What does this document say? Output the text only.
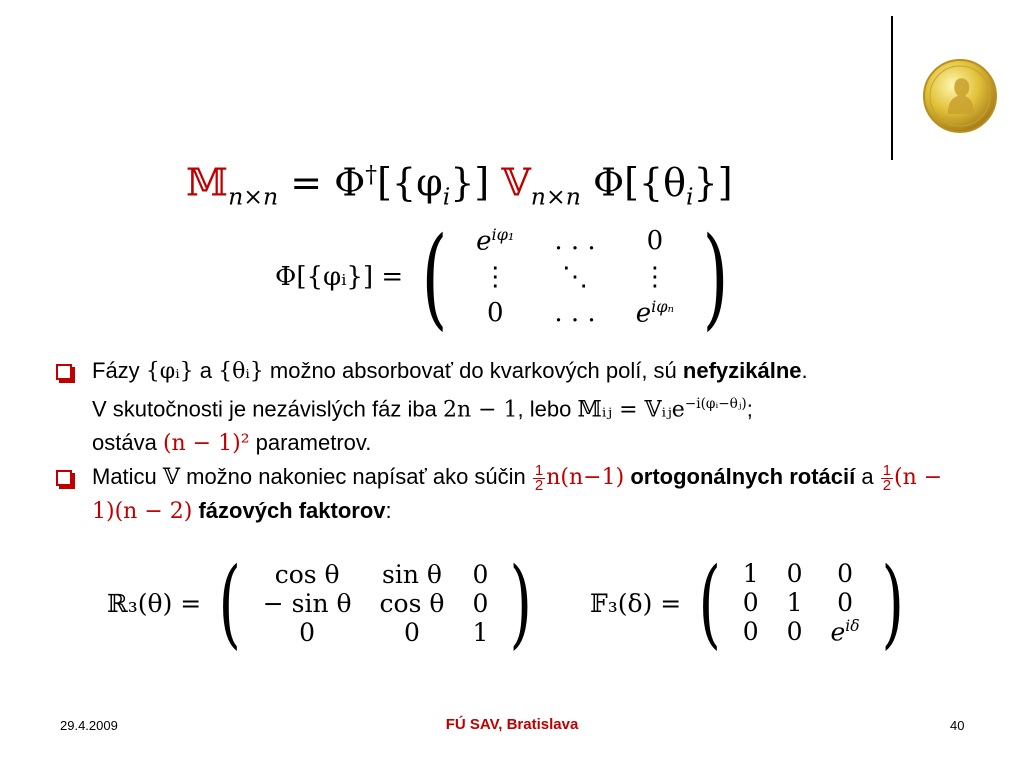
𝕄$_{n\times n}$ = $\Phi^\dagger[\{\varphi_i\}]$ 𝕍$_{n\times n}$ $\Phi[\{\theta_i\}]$
Φ[{φᵢ}] = ( $e^{i\varphi_1}$	. . .	0
⋮	⋱	⋮
0	. . .	$e^{i\varphi_n}$ )

Fázy {φᵢ} a {θᵢ} možno absorbovať do kvarkových polí, sú nefyzikálne.
V skutočnosti je nezávislých fáz iba 2n − 1, lebo 𝕄ᵢⱼ = 𝕍ᵢⱼe$^{-i(\varphi ᵢ-\theta ⱼ)}$;
ostáva (n − 1)² parametrov.

Maticu 𝕍 možno nakoniec napísať ako súčin $\frac{1}{2} n(n-1)$ ortogonálnych rotácií a $\frac{1}{2} (n - 1)(n - 2)$ fázových faktorov:

ℝ₃(θ) = ( cos θ	sin θ	0
− sin θ	cos θ	0
0	0	1 ) 𝔽₃(δ) = ( 1	0	0
0	1	0
0	0	$e^{i\delta}$ )
29.4.2009	FÚ SAV, Bratislava	40
